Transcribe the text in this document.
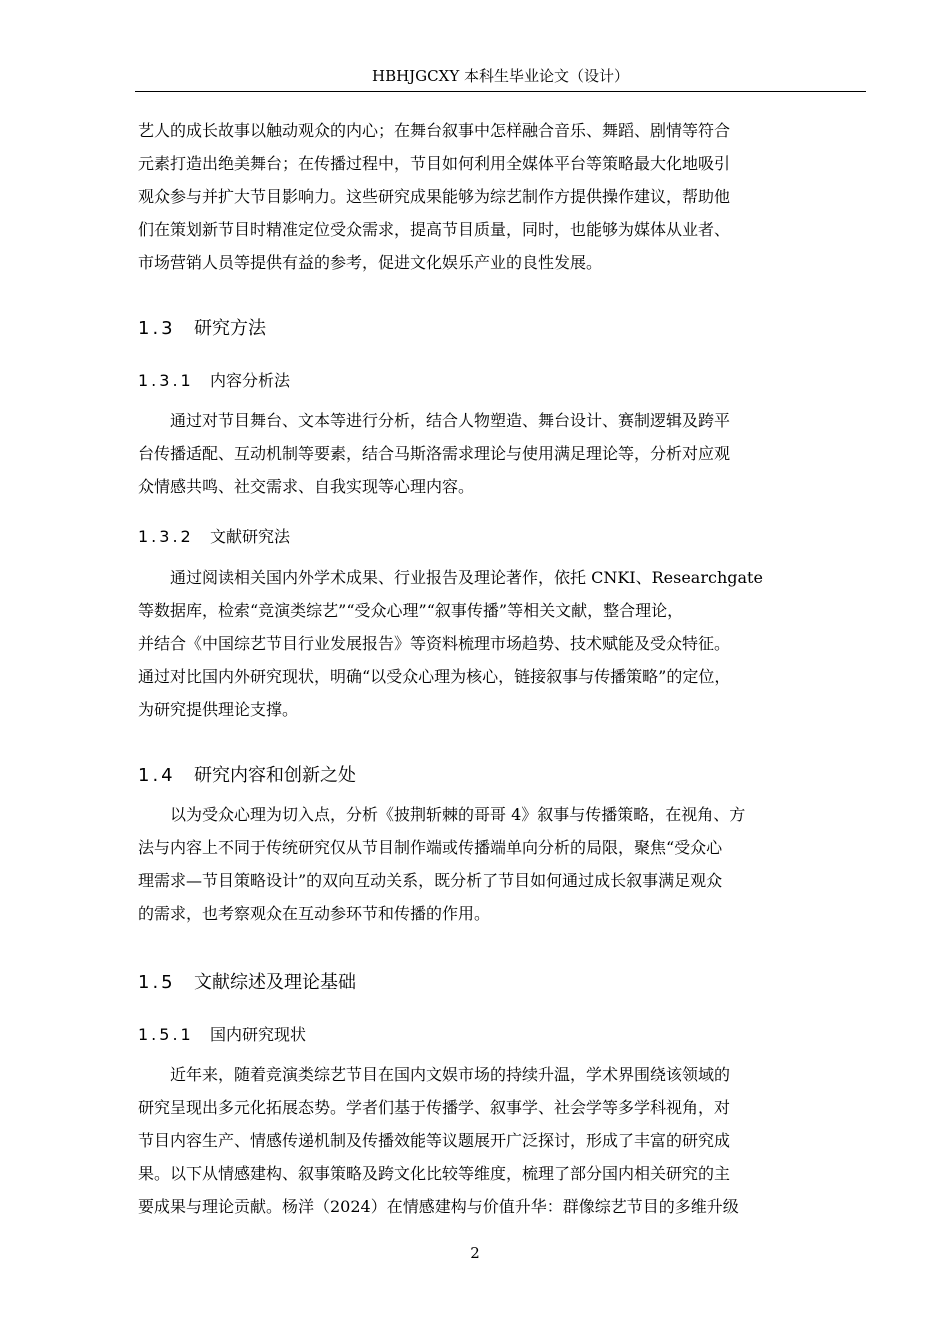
HBHJGCXY 本科生毕业论文（设计）
艺人的成长故事以触动观众的内心；在舞台叙事中怎样融合音乐、舞蹈、剧情等符合
元素打造出绝美舞台；在传播过程中，节目如何利用全媒体平台等策略最大化地吸引
观众参与并扩大节目影响力。这些研究成果能够为综艺制作方提供操作建议，帮助他
们在策划新节目时精准定位受众需求，提高节目质量，同时，也能够为媒体从业者、
市场营销人员等提供有益的参考，促进文化娱乐产业的良性发展。
1.3 研究方法
1.3.1 内容分析法
通过对节目舞台、文本等进行分析，结合人物塑造、舞台设计、赛制逻辑及跨平
台传播适配、互动机制等要素，结合马斯洛需求理论与使用满足理论等，分析对应观
众情感共鸣、社交需求、自我实现等心理内容。
1.3.2 文献研究法
通过阅读相关国内外学术成果、行业报告及理论著作，依托 CNKI、Researchgate
等数据库，检索“竞演类综艺”“受众心理”“叙事传播”等相关文献，整合理论，
并结合《中国综艺节目行业发展报告》等资料梳理市场趋势、技术赋能及受众特征。
通过对比国内外研究现状，明确“以受众心理为核心，链接叙事与传播策略”的定位，
为研究提供理论支撑。
1.4 研究内容和创新之处
以为受众心理为切入点，分析《披荆斩棘的哥哥 4》叙事与传播策略，在视角、方
法与内容上不同于传统研究仅从节目制作端或传播端单向分析的局限，聚焦“受众心
理需求—节目策略设计”的双向互动关系，既分析了节目如何通过成长叙事满足观众
的需求，也考察观众在互动参环节和传播的作用。
1.5 文献综述及理论基础
1.5.1 国内研究现状
近年来，随着竞演类综艺节目在国内文娱市场的持续升温，学术界围绕该领域的
研究呈现出多元化拓展态势。学者们基于传播学、叙事学、社会学等多学科视角，对
节目内容生产、情感传递机制及传播效能等议题展开广泛探讨，形成了丰富的研究成
果。以下从情感建构、叙事策略及跨文化比较等维度，梳理了部分国内相关研究的主
要成果与理论贡献。杨洋（2024）在情感建构与价值升华：群像综艺节目的多维升级
2
